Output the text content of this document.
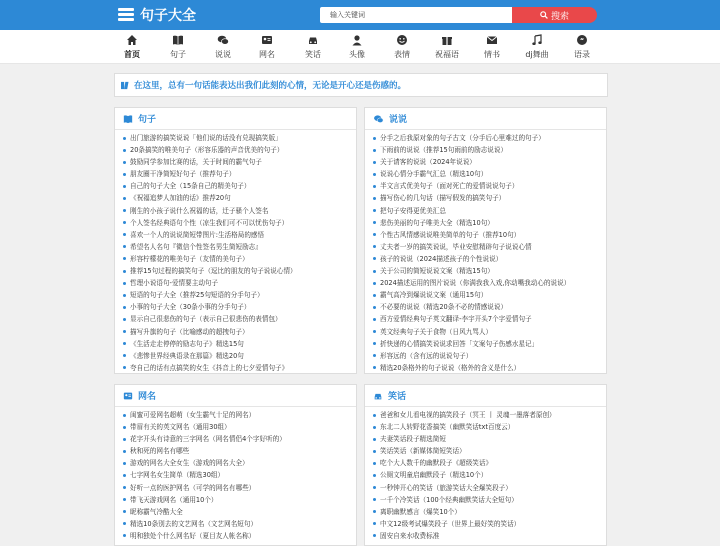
句子大全
输入关键词	搜索
首页	句子	说说	网名	笑话	头像	表情	祝福语	情书	dj舞曲
“
语录
在这里，总有一句话能表达出我们此刻的心情，无论是开心还是伤感的。
句子
出门旅游的搞笑说说「他们说的话没有兑现搞笑版」
20条搞笑的唯美句子（形容乐器的声音优美的句子）
鼓励同学参加比赛的话，关于时间的霸气句子
朋友圈干净简短好句子（推荐句子）
自己的句子大全（15条自己的精美句子）
《祝福追梦人加油的话》推荐20句
刚生的小孩子说什么祝福的话，迁子骚个人签名
个人签名经典语句个性（凉生我们可不可以忧伤句子）
喜欢一个人的说说简短带图片:生活格局的感悟
希望名人名句『微信个性签名男生简短励志』
形容柠檬花的唯美句子（友情的美句子）
推荐15句过程的搞笑句子（逗比的朋友的句子说说心情）
哲理小说语句-爱情要主动句子
短语的句子大全（推荐25句短语的分手句子）
小事的句子大全（30条小事的分手句子）
显示自己很悲伤的句子（表示自己很悲伤的表情包）
描写升旗的句子（比喻感动的超拽句子）
《生活走走停停的励志句子》精选15句
《悲惨世界经典语录在那篇》精选20句
夸自己的话有点搞笑的女生《抖音上的七夕爱情句子》
说说
分手之后我原对象的句子古文（分手后心里难过的句子）
下雨前的说说（推荐15句雨前的励志说说）
关于请客的说说（2024年说说）
说说心情分手霸气汇总（精选10句）
半文言式优美句子（面对死亡的爱情说说句子）
描写伤心的几句话（描写假发的搞笑句子）
把句子安得更优美汇总
悲伤美丽的句子唯美大全（精选10句）
个性古风情感说说唯美简单的句子（推荐10句）
丈夫者一岁的搞笑说说，毕业安慰精辟句子说说心情
孩子的说说（2024描述孩子的个性说说）
关于公司的简短说说文案（精选15句）
2024描述运用的图片说说（你满我我入戏,你动嘴我动心的说说）
霸气高冷到爆说说文案（通用15句）
不必要的说说（精选20条不必的情感说说）
西方爱情经典句子英文翻译-李宇开头7个字爱情句子
英文经典句子关于食物（日风九骂人）
折快递的心情搞笑说说求回答「文案句子伤感水星记」
形容远的（含有远的说说句子）
精选20条格外的句子说说（格外的含义是什么）
网名
闺蜜可爱网名超萌（女生霸气十足的网名）
带眉有关的英文网名（通用30组）
花字开头有诗意的三字网名（网名情侣4个字好听的）
秋和死的网名有哪些
游戏的网名大全女生（游戏的网名大全）
七字网名女生简单（精选30组）
好听一点的医护网名（可学的网名有哪些）
带飞天游戏网名（通用10个）
昵称霸气冷酷大全
精选10条别去的文艺网名（文艺网名短句）
明和独处个什么网名好（夏目友人帐名称）
笑话
爸爸和女儿看电视的搞笑段子（冥王 丨 灵魂一墨落者原创）
东北二人转野花香搞笑（幽默笑话txt百度云）
夫妻笑话段子精选简短
笑话笑话（新媒体简短笑话）
吃个大人数千的幽默段子《超级笑话》
公厕文明童启幽默段子（精选10个）
一秒钟开心的笑话（旅游笑话大全爆笑段子）
一千个冷笑话（100个经典幽默笑话大全短句）
离职幽默感言（爆笑10个）
中文12级考试爆笑段子（世界上最好笑的笑话）
固安自来水收费标准
